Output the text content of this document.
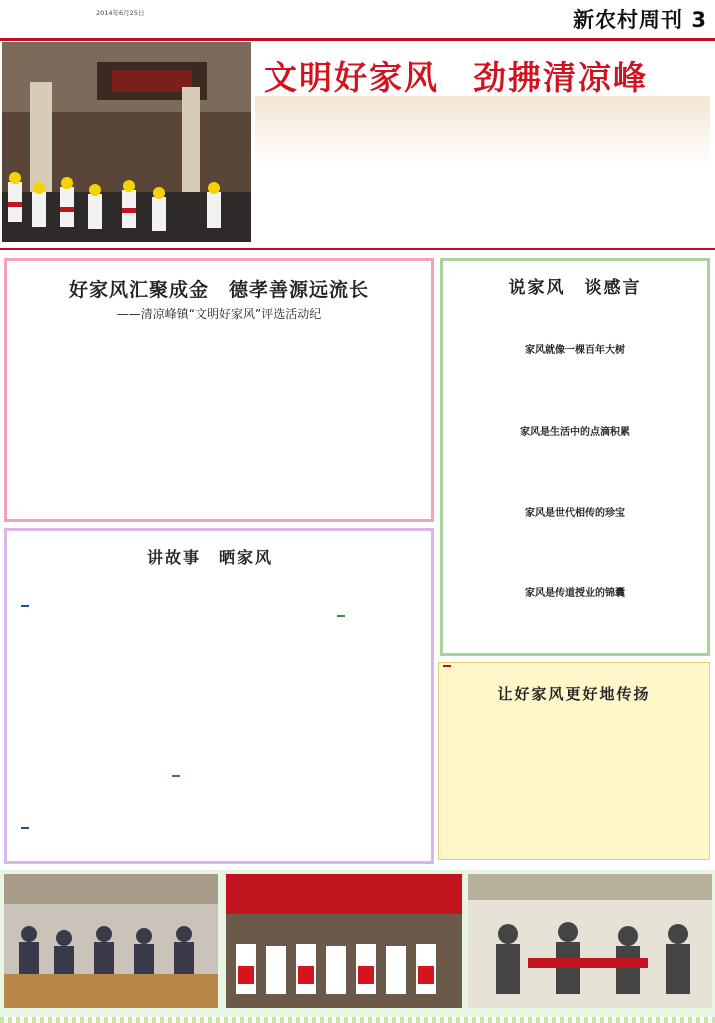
2014年6月25日	新农村周刊 3
文明好家风 劲拂清凉峰
好家风汇聚成金　德孝善源远流长
——清凉峰镇“文明好家风”评选活动纪
说家风　谈感言
家风就像一棵百年大树
家风是生活中的点滴积累
家风是世代相传的珍宝
家风是传道授业的锦囊
讲故事　晒家风
让好家风更好地传扬
